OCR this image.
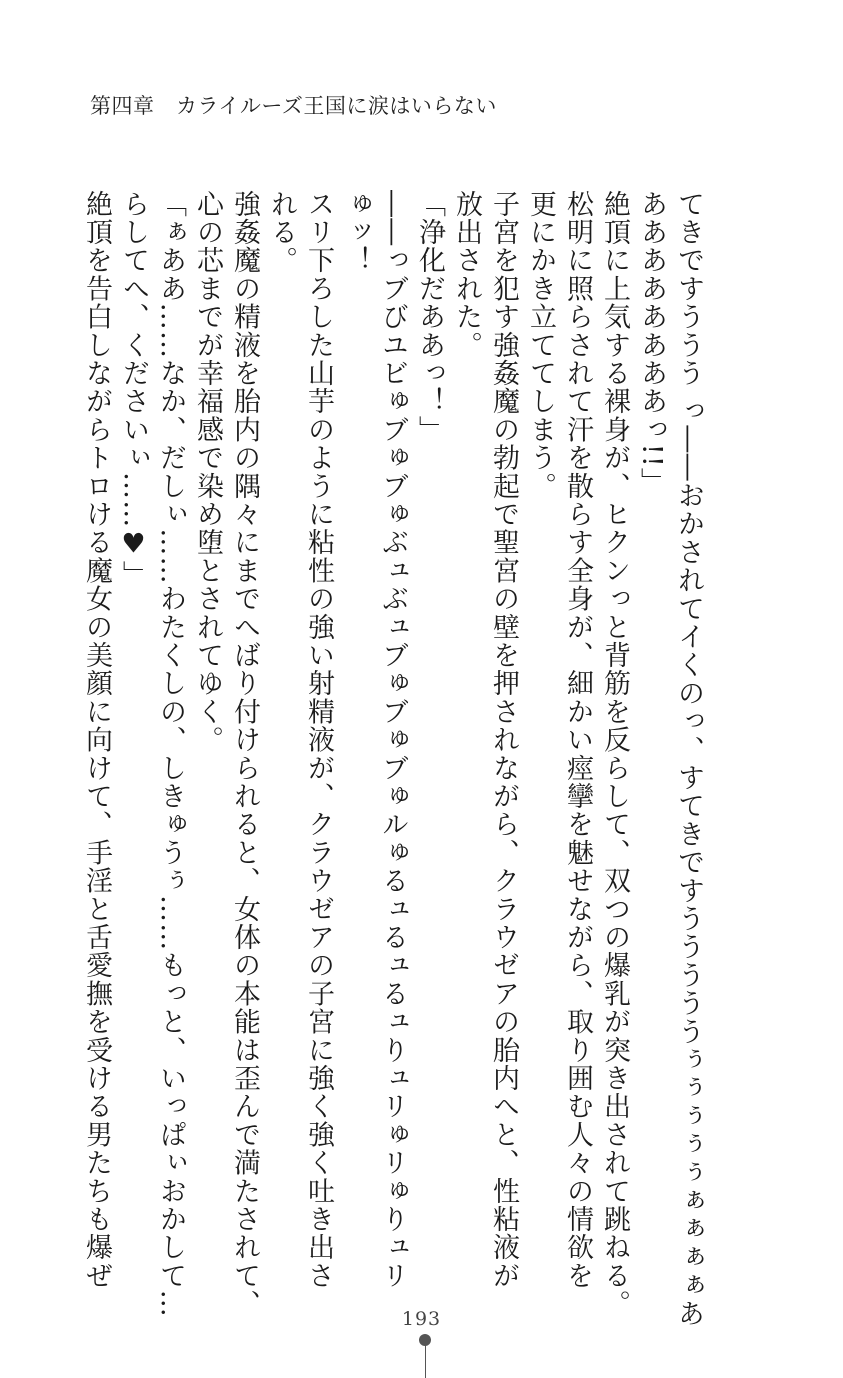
第四章　カライルーズ王国に涙はいらない
てきですううう っ――おかされてイくのっ、すてきですうううううぅぅぅぅぅぁぁぁぁあ
ああああああああっ!!」
絶頂に上気する裸身が、ヒクンっと背筋を反らして、双つの爆乳が突き出されて跳ねる。
松明に照らされて汗を散らす全身が、細かい痙攣を魅せながら、取り囲む人々の情欲を
更にかき立ててしまう。
子宮を犯す強姦魔の勃起で聖宮の壁を押されながら、クラウゼアの胎内へと、性粘液が
放出された。
「浄化だああっ！」
――っブびユビゅブゅブゅぶュぶュブゅブゅブゅルゅるュるュるュりュリゅリゅりュリ
ゅッ！
スリ下ろした山芋のように粘性の強い射精液が、クラウゼアの子宮に強く強く吐き出さ
れる。
強姦魔の精液を胎内の隅々にまでへばり付けられると、女体の本能は歪んで満たされて、
心の芯までが幸福感で染め堕とされてゆく。
「ぁああ……なか、だしぃ……わたくしの、しきゅうぅ……もっと、いっぱぃおかして…
らしてへ、くださいぃ……♥」
絶頂を告白しながらトロける魔女の美顔に向けて、手淫と舌愛撫を受ける男たちも爆ぜ
193
